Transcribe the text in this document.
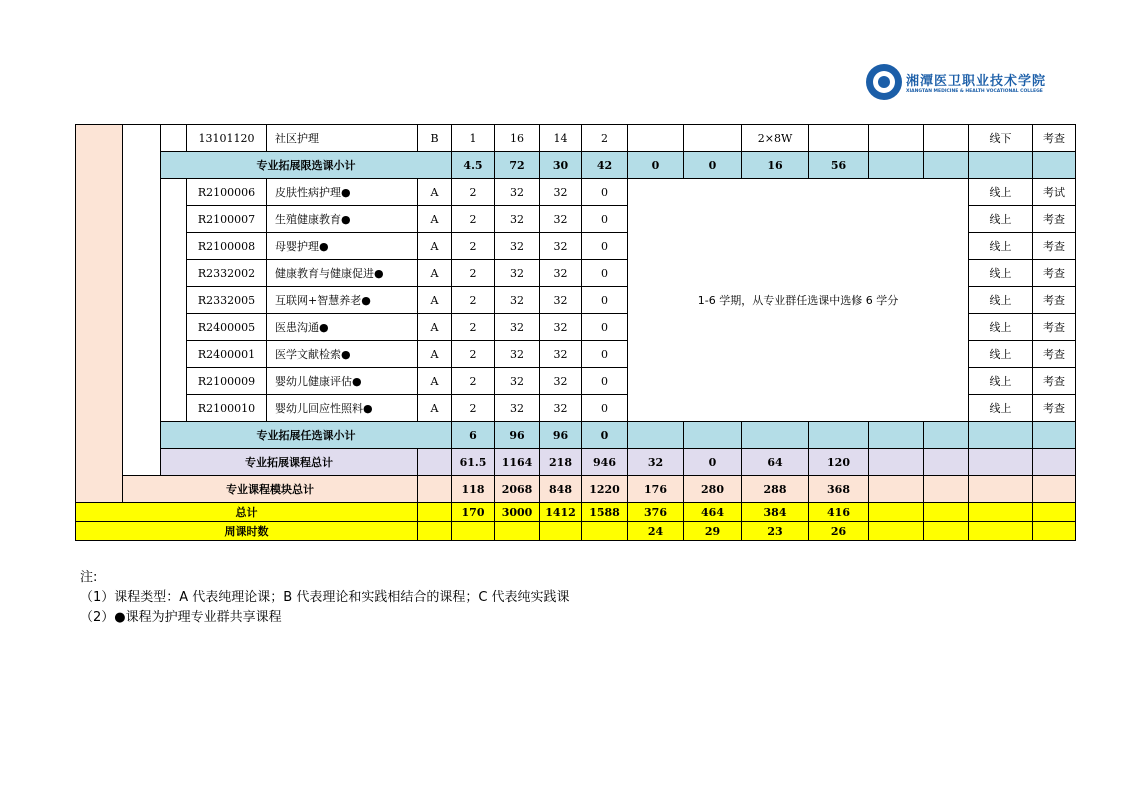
湘潭医卫职业技术学院
XIANGTAN MEDICINE & HEALTH VOCATIONAL COLLEGE
			13101120	社区护理	B	1	16	14	2			2×8W				线下	考查
		专业拓展限选课小计				4.5	72	30	42	0	0	16	56				
			R2100006	皮肤性病护理●	A	2	32	32	0	1-6 学期，从专业群任选课中选修 6 学分						线上	考试
			R2100007	生殖健康教育●	A	2	32	32	0							线上	考查
			R2100008	母婴护理●	A	2	32	32	0							线上	考查
			R2332002	健康教育与健康促进●	A	2	32	32	0							线上	考查
			R2332005	互联网+智慧养老●	A	2	32	32	0							线上	考查
			R2400005	医患沟通●	A	2	32	32	0							线上	考查
			R2400001	医学文献检索●	A	2	32	32	0							线上	考查
			R2100009	婴幼儿健康评估●	A	2	32	32	0							线上	考查
			R2100010	婴幼儿回应性照料●	A	2	32	32	0							线上	考查
		专业拓展任选课小计				6	96	96	0								
		专业拓展课程总计				61.5	1164	218	946	32	0	64	120				
	专业课程模块总计					118	2068	848	1220	176	280	288	368				
总计						170	3000	1412	1588	376	464	384	416				
周课时数										24	29	23	26				
注:
（1）课程类型：A 代表纯理论课；B 代表理论和实践相结合的课程；C 代表纯实践课
（2）●课程为护理专业群共享课程
